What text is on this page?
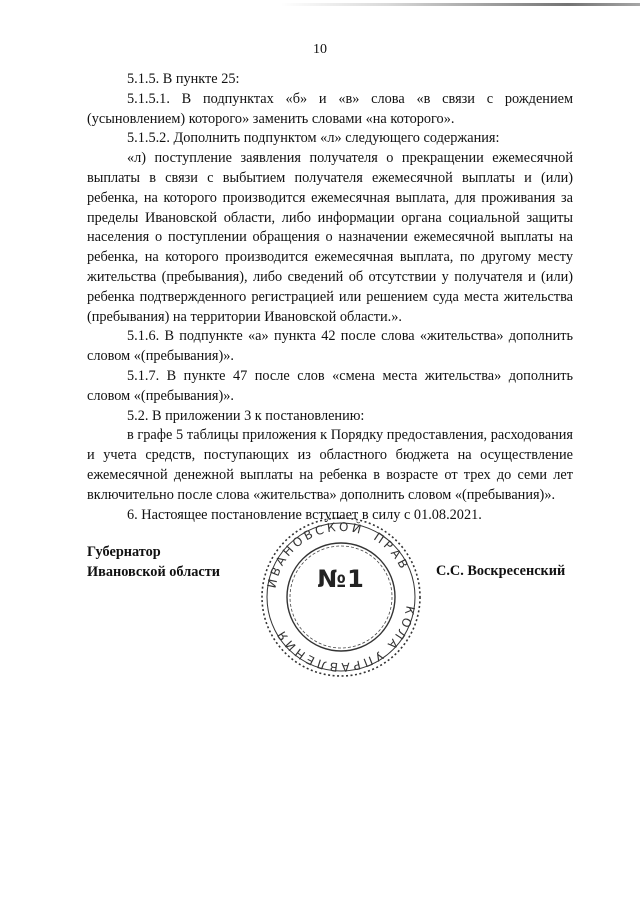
10

5.1.5. В пункте 25:

5.1.5.1. В подпунктах «б» и «в» слова «в связи с рождением (усыновлением) которого» заменить словами «на которого».

5.1.5.2. Дополнить подпунктом «л» следующего содержания:

«л) поступление заявления получателя о прекращении ежемесячной выплаты в связи с выбытием получателя ежемесячной выплаты и (или) ребенка, на которого производится ежемесячная выплата, для проживания за пределы Ивановской области, либо информации органа социальной защиты населения о поступлении обращения о назначении ежемесячной выплаты на ребенка, на которого производится ежемесячная выплата, по другому месту жительства (пребывания), либо сведений об отсутствии у получателя и (или) ребенка подтвержденного регистрацией или решением суда места жительства (пребывания) на территории Ивановской области.».

5.1.6. В подпункте «а» пункта 42 после слова «жительства» дополнить словом «(пребывания)».

5.1.7. В пункте 47 после слов «смена места жительства» дополнить словом «(пребывания)».

5.2. В приложении 3 к постановлению:

в графе 5 таблицы приложения к Порядку предоставления, расходования и учета средств, поступающих из областного бюджета на осуществление ежемесячной денежной выплаты на ребенка в возрасте от трех до семи лет включительно после слова «жительства» дополнить словом «(пребывания)».

6. Настоящее постановление вступает в силу с 01.08.2021.

Губернатор
Ивановской области
ИВАНОВСКОЙ
ПРАВ
КОЛА УПРАВЛЕНИЯ
№1	С.С. Воскресенский
